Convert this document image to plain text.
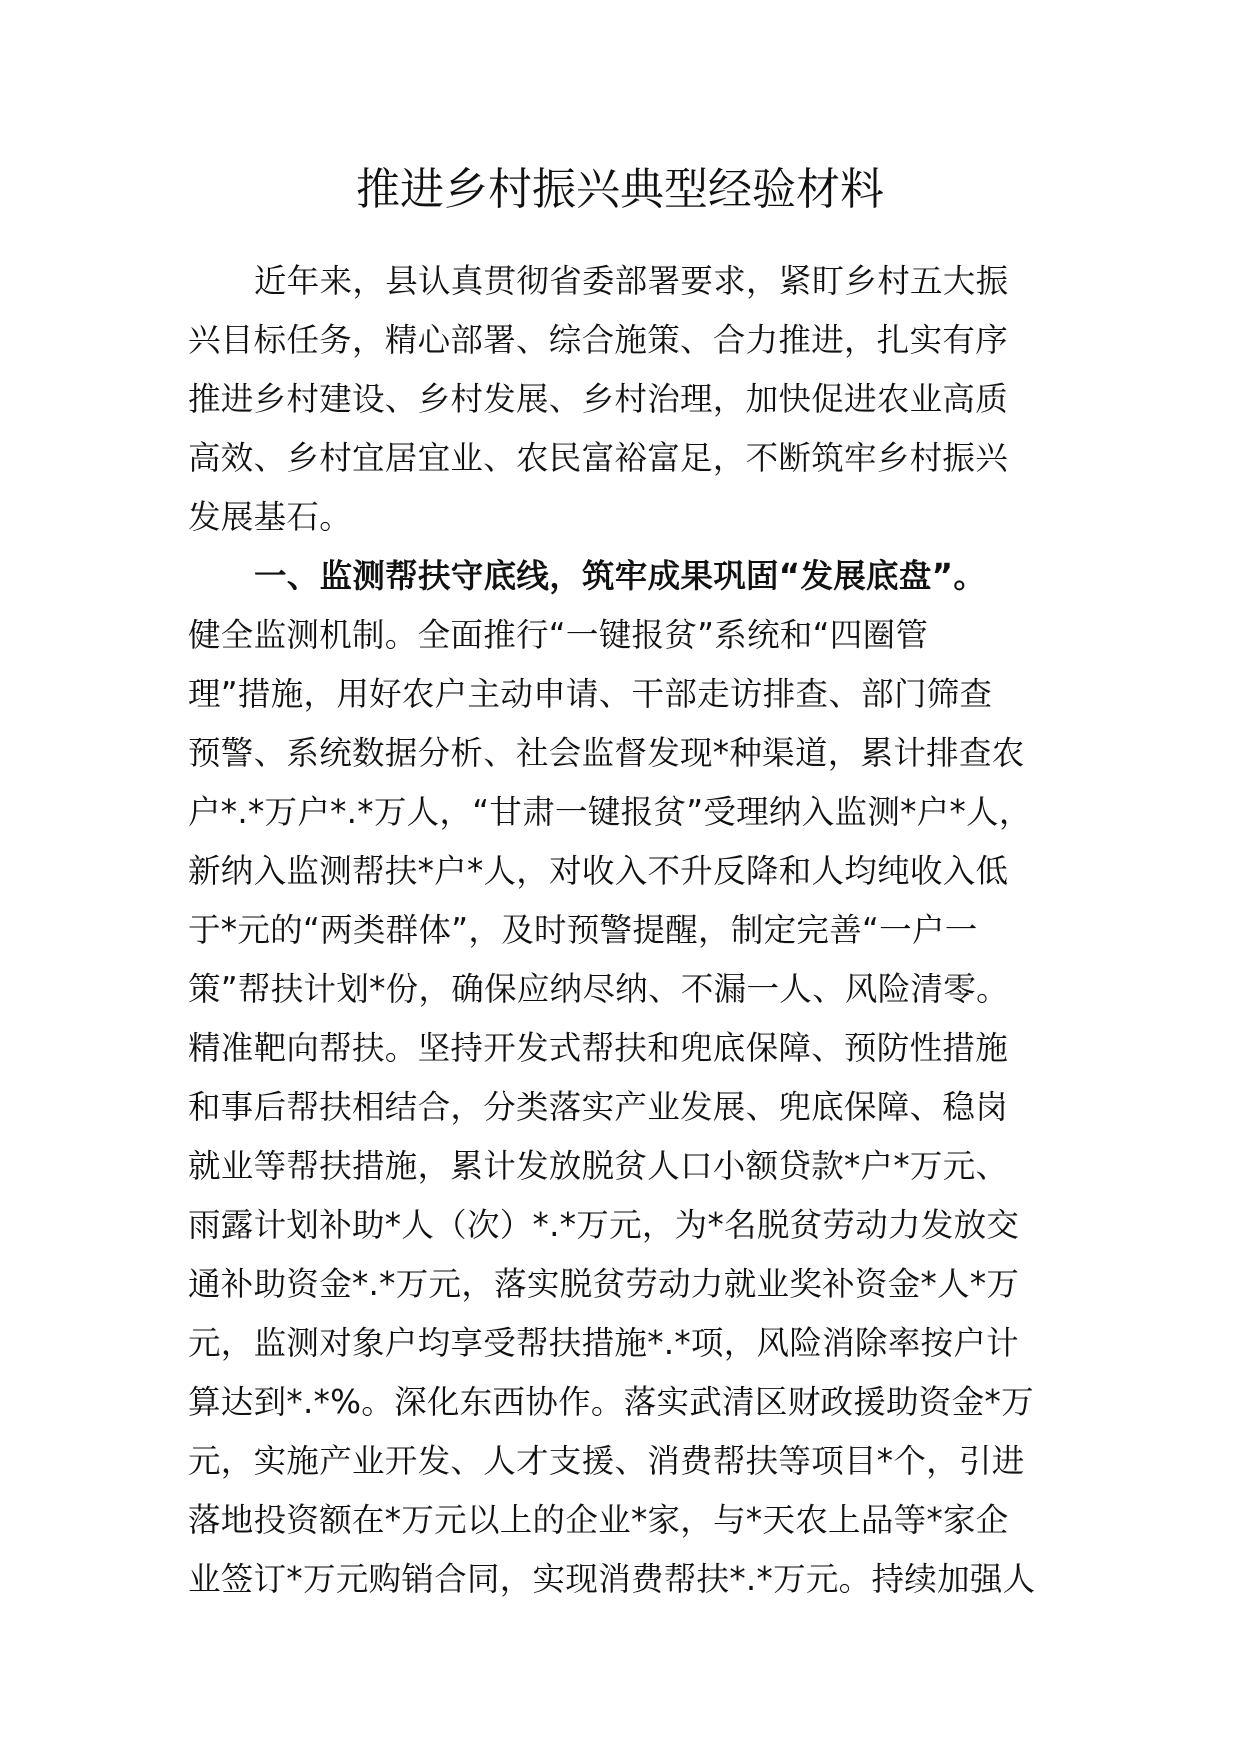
推进乡村振兴典型经验材料
近年来，县认真贯彻省委部署要求，紧盯乡村五大振
兴目标任务，精心部署、综合施策、合力推进，扎实有序
推进乡村建设、乡村发展、乡村治理，加快促进农业高质
高效、乡村宜居宜业、农民富裕富足，不断筑牢乡村振兴
发展基石。
一、监测帮扶守底线，筑牢成果巩固“发展底盘”。
健全监测机制。全面推行“一键报贫”系统和“四圈管
理”措施，用好农户主动申请、干部走访排查、部门筛查
预警、系统数据分析、社会监督发现*种渠道，累计排查农
户*.*万户*.*万人，“甘肃一键报贫”受理纳入监测*户*人，
新纳入监测帮扶*户*人，对收入不升反降和人均纯收入低
于*元的“两类群体”，及时预警提醒，制定完善“一户一
策”帮扶计划*份，确保应纳尽纳、不漏一人、风险清零。
精准靶向帮扶。坚持开发式帮扶和兜底保障、预防性措施
和事后帮扶相结合，分类落实产业发展、兜底保障、稳岗
就业等帮扶措施，累计发放脱贫人口小额贷款*户*万元、
雨露计划补助*人（次）*.*万元，为*名脱贫劳动力发放交
通补助资金*.*万元，落实脱贫劳动力就业奖补资金*人*万
元，监测对象户均享受帮扶措施*.*项，风险消除率按户计
算达到*.*%。深化东西协作。落实武清区财政援助资金*万
元，实施产业开发、人才支援、消费帮扶等项目*个，引进
落地投资额在*万元以上的企业*家，与*天农上品等*家企
业签订*万元购销合同，实现消费帮扶*.*万元。持续加强人
